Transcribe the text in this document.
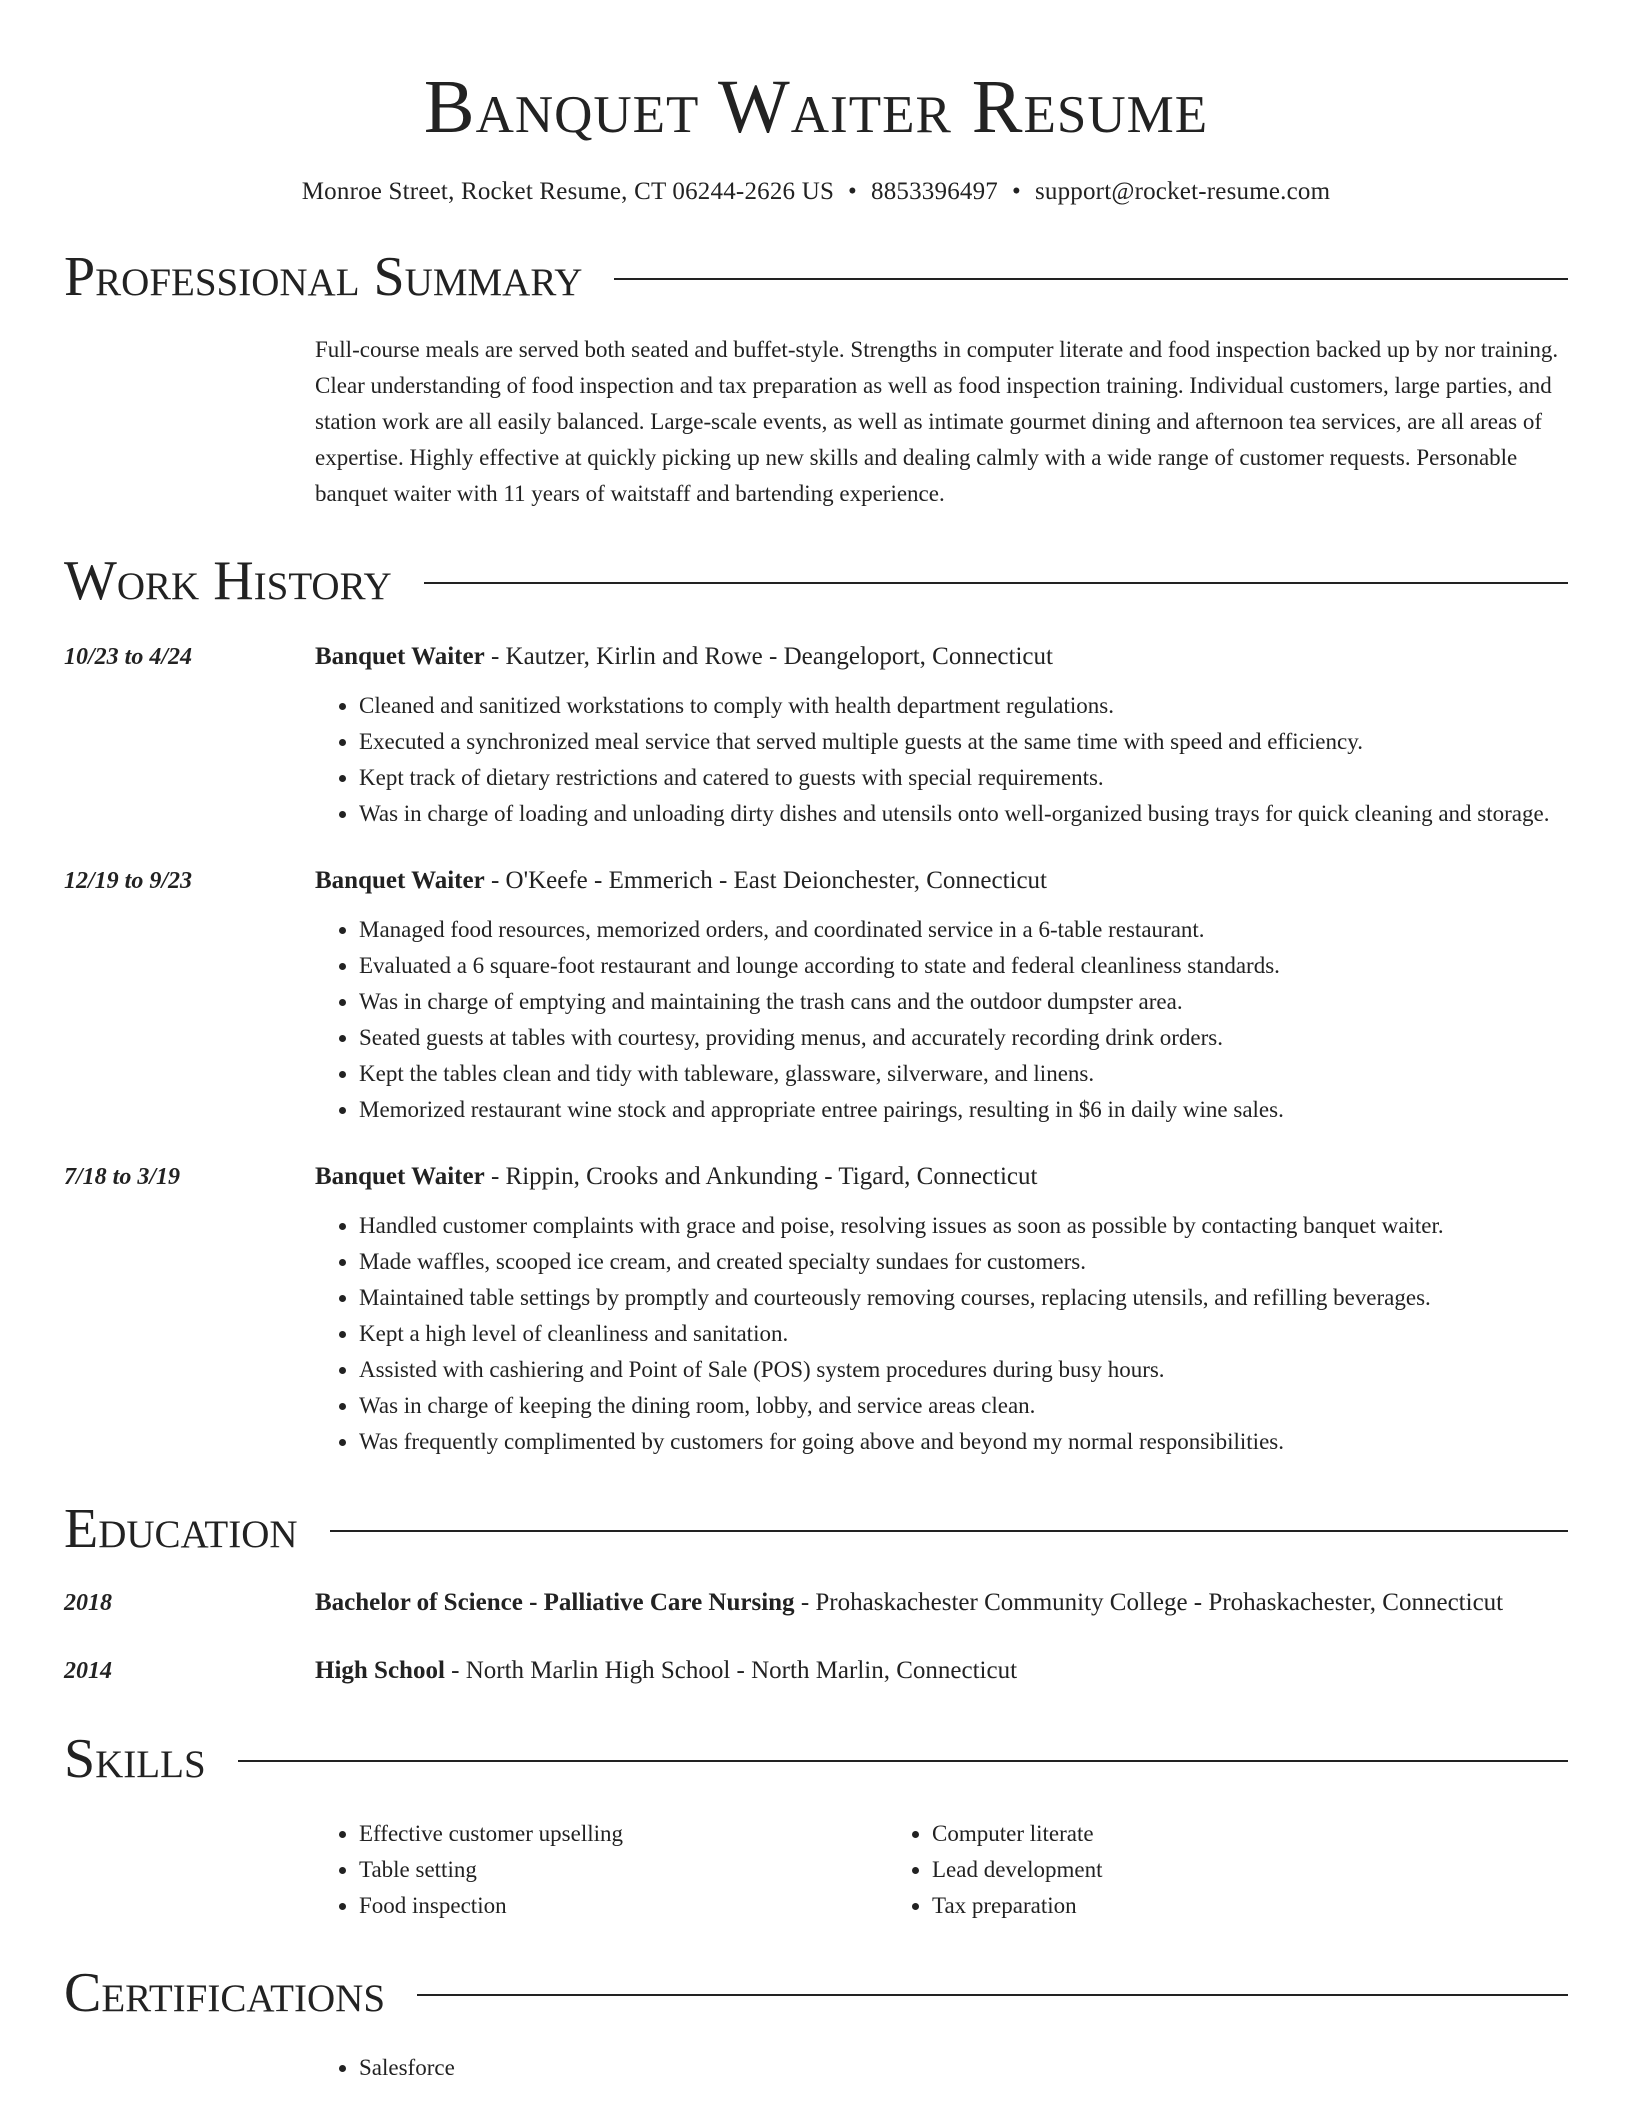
Banquet Waiter Resume
Monroe Street, Rocket Resume, CT 06244-2626 US • 8853396497 • support@rocket-resume.com
Professional Summary
Full-course meals are served both seated and buffet-style. Strengths in computer literate and food inspection backed up by nor training. Clear understanding of food inspection and tax preparation as well as food inspection training. Individual customers, large parties, and station work are all easily balanced. Large-scale events, as well as intimate gourmet dining and afternoon tea services, are all areas of expertise. Highly effective at quickly picking up new skills and dealing calmly with a wide range of customer requests. Personable banquet waiter with 11 years of waitstaff and bartending experience.
Work History
10/23 to 4/24	Banquet Waiter - Kautzer, Kirlin and Rowe - Deangeloport, Connecticut
• Cleaned and sanitized workstations to comply with health department regulations.
• Executed a synchronized meal service that served multiple guests at the same time with speed and efficiency.
• Kept track of dietary restrictions and catered to guests with special requirements.
• Was in charge of loading and unloading dirty dishes and utensils onto well-organized busing trays for quick cleaning and storage.
12/19 to 9/23	Banquet Waiter - O'Keefe - Emmerich - East Deionchester, Connecticut
• Managed food resources, memorized orders, and coordinated service in a 6-table restaurant.
• Evaluated a 6 square-foot restaurant and lounge according to state and federal cleanliness standards.
• Was in charge of emptying and maintaining the trash cans and the outdoor dumpster area.
• Seated guests at tables with courtesy, providing menus, and accurately recording drink orders.
• Kept the tables clean and tidy with tableware, glassware, silverware, and linens.
• Memorized restaurant wine stock and appropriate entree pairings, resulting in $6 in daily wine sales.
7/18 to 3/19	Banquet Waiter - Rippin, Crooks and Ankunding - Tigard, Connecticut
• Handled customer complaints with grace and poise, resolving issues as soon as possible by contacting banquet waiter.
• Made waffles, scooped ice cream, and created specialty sundaes for customers.
• Maintained table settings by promptly and courteously removing courses, replacing utensils, and refilling beverages.
• Kept a high level of cleanliness and sanitation.
• Assisted with cashiering and Point of Sale (POS) system procedures during busy hours.
• Was in charge of keeping the dining room, lobby, and service areas clean.
• Was frequently complimented by customers for going above and beyond my normal responsibilities.
Education
2018	Bachelor of Science - Palliative Care Nursing - Prohaskachester Community College - Prohaskachester, Connecticut
2014	High School - North Marlin High School - North Marlin, Connecticut
Skills
• Effective customer upselling
• Table setting
• Food inspection
• Computer literate
• Lead development
• Tax preparation
Certifications
• Salesforce
